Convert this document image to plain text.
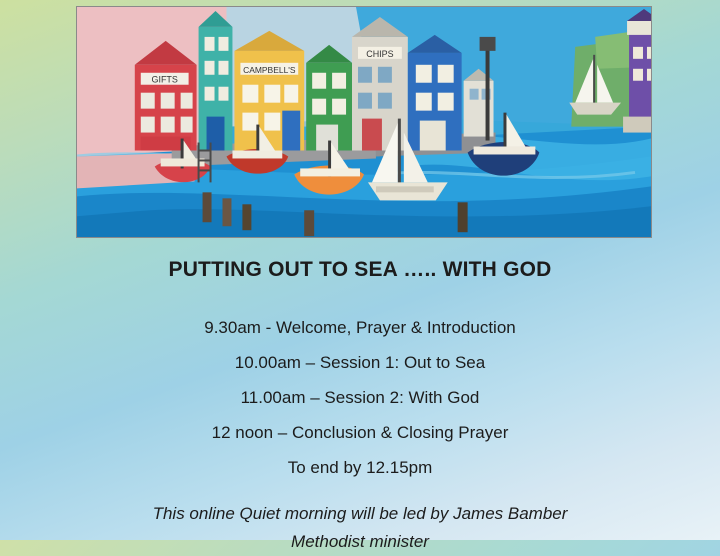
GIFTS
CAMPBELL'S
CHIPS
PUTTING OUT TO SEA ….. WITH GOD
9.30am - Welcome, Prayer & Introduction
10.00am – Session 1: Out to Sea
11.00am – Session 2: With God
12 noon – Conclusion & Closing Prayer
To end by 12.15pm
This online Quiet morning will be led by James Bamber
Methodist minister
